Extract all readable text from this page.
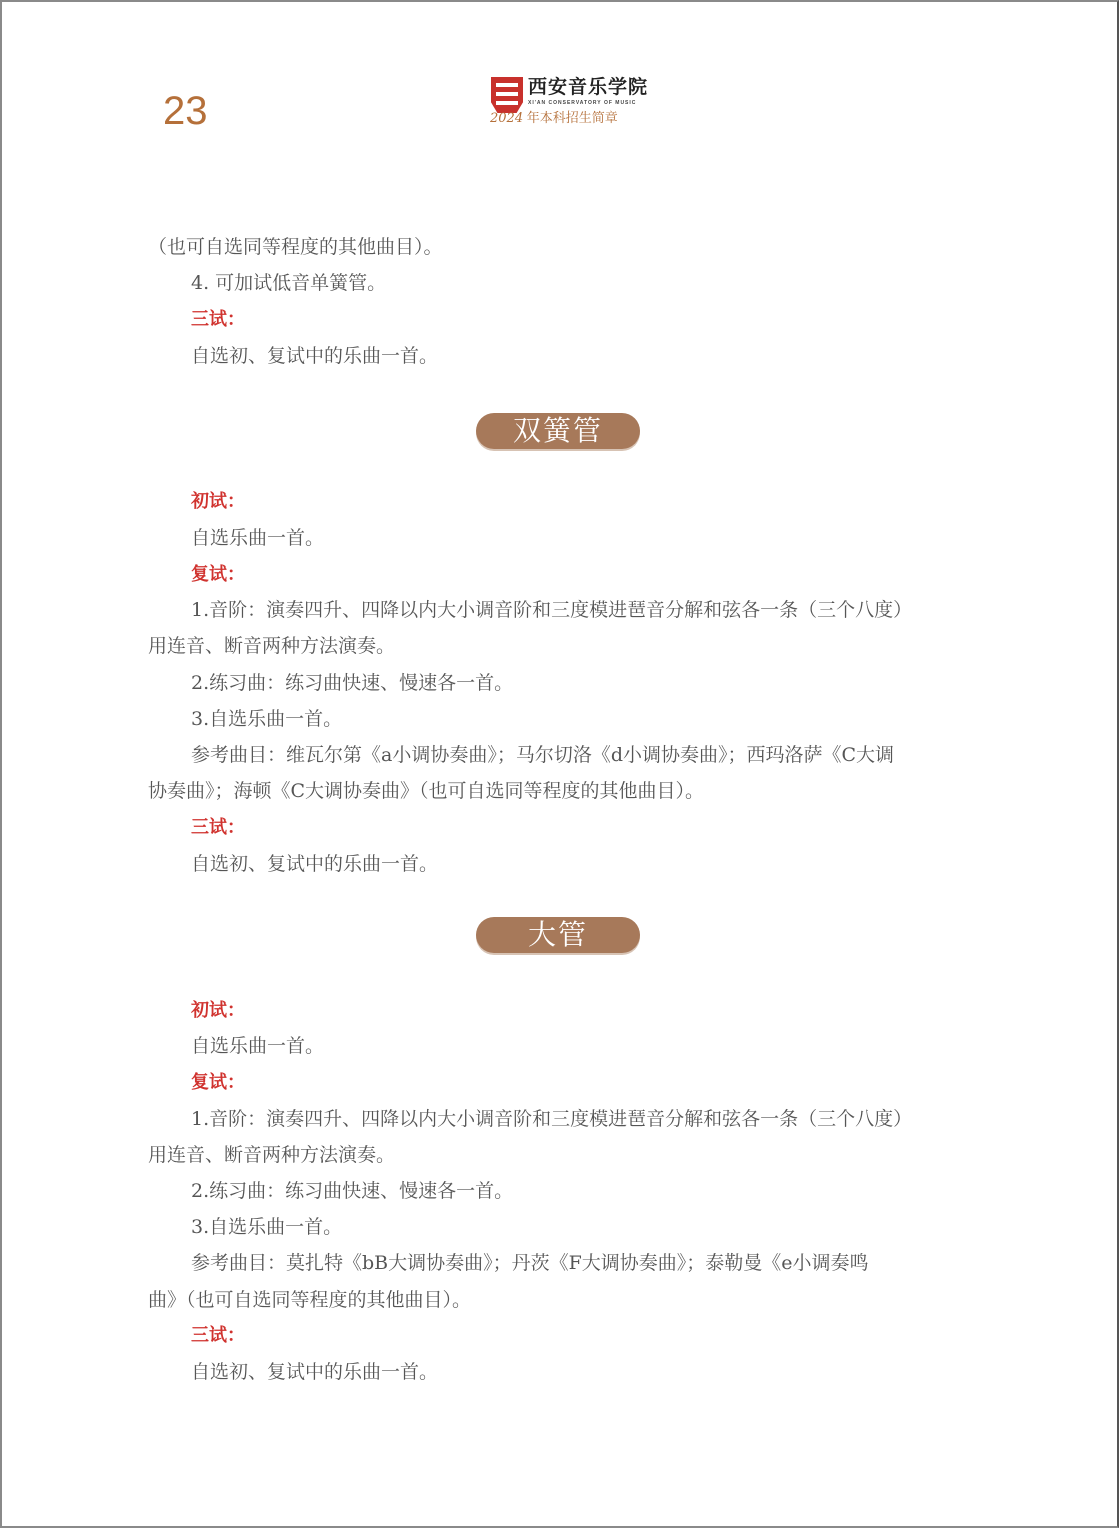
23
西安音乐学院
XI'AN CONSERVATORY OF MUSIC
2024 年本科招生简章
（也可自选同等程度的其他曲目）。
4. 可加试低音单簧管。
三试：
自选初、复试中的乐曲一首。
双簧管
初试：
自选乐曲一首。
复试：
1.音阶：演奏四升、四降以内大小调音阶和三度模进琶音分解和弦各一条（三个八度）
用连音、断音两种方法演奏。
2.练习曲：练习曲快速、慢速各一首。
3.自选乐曲一首。
参考曲目：维瓦尔第《a小调协奏曲》；马尔切洛《d小调协奏曲》；西玛洛萨《C大调
协奏曲》；海顿《C大调协奏曲》（也可自选同等程度的其他曲目）。
三试：
自选初、复试中的乐曲一首。
大管
初试：
自选乐曲一首。
复试：
1.音阶：演奏四升、四降以内大小调音阶和三度模进琶音分解和弦各一条（三个八度）
用连音、断音两种方法演奏。
2.练习曲：练习曲快速、慢速各一首。
3.自选乐曲一首。
参考曲目：莫扎特《bB大调协奏曲》；丹茨《F大调协奏曲》；泰勒曼《e小调奏鸣
曲》（也可自选同等程度的其他曲目）。
三试：
自选初、复试中的乐曲一首。
